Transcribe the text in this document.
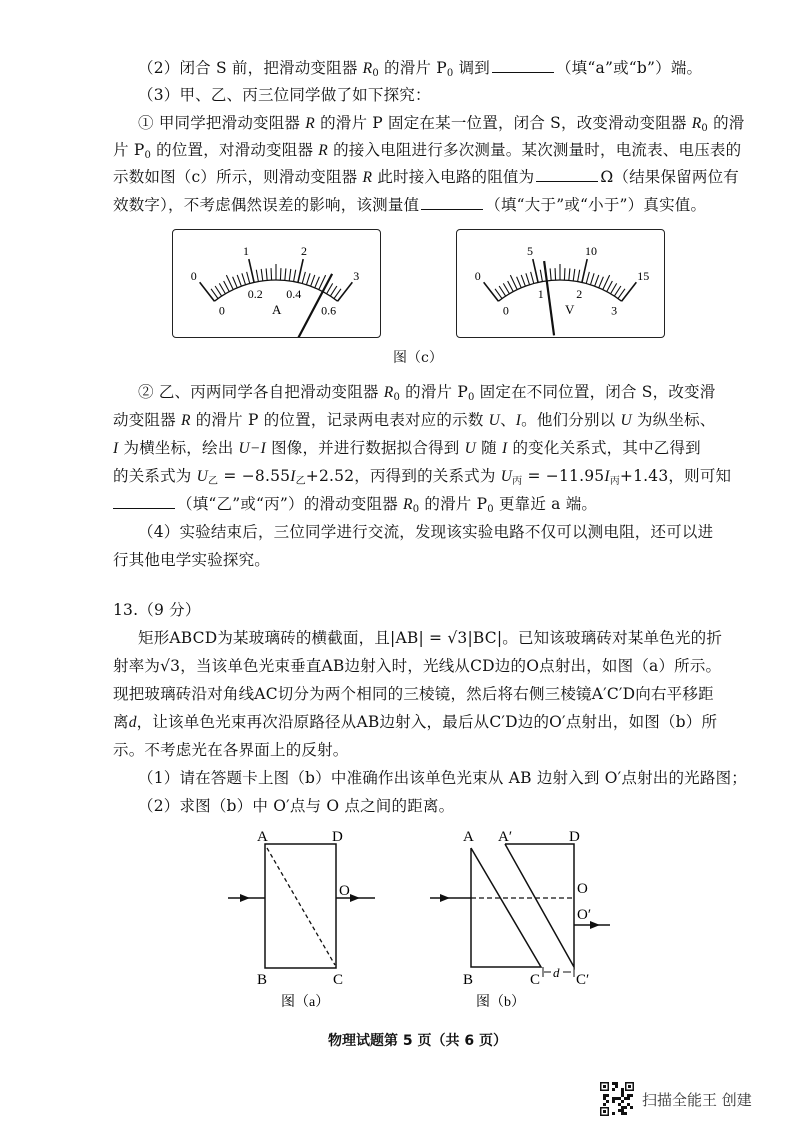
（2）闭合 S 前，把滑动变阻器 $R_0$ 的滑片 $P_0$ 调到	（填“a”或“b”）端。
（3）甲、乙、丙三位同学做了如下探究：
① 甲同学把滑动变阻器 R 的滑片 P 固定在某一位置，闭合 S，改变滑动变阻器 $R_0$ 的滑
片 $P_0$ 的位置，对滑动变阻器 R 的接入电阻进行多次测量。某次测量时，电流表、电压表的
示数如图（c）所示，则滑动变阻器 R 此时接入电路的阻值为	Ω（结果保留两位有
效数字），不考虑偶然误差的影响，该测量值	（填“大于”或“小于”）真实值。
A
0
1	2
3
0
0.2 0.4
0.6	V
0
5	10
15
0
1	2
3
图（c）
② 乙、丙两同学各自把滑动变阻器 $R_0$ 的滑片 $P_0$ 固定在不同位置，闭合 S，改变滑
动变阻器 R 的滑片 P 的位置，记录两电表对应的示数 U、I。他们分别以 U 为纵坐标、
I 为横坐标，绘出 U−I 图像，并进行数据拟合得到 U 随 I 的变化关系式，其中乙得到
的关系式为 $U_乙 = -8.55I_乙+2.52$，丙得到的关系式为 $U_丙 = -11.95I_丙+1.43$，则可知
（填“乙”或“丙”）的滑动变阻器 $R_0$ 的滑片 $P_0$ 更靠近 a 端。
（4）实验结束后，三位同学进行交流，发现该实验电路不仅可以测电阻，还可以进
行其他电学实验探究。
13.（9 分）
矩形ABCD为某玻璃砖的横截面，且|AB| = √3|BC|。已知该玻璃砖对某单色光的折
射率为√3，当该单色光束垂直AB边射入时，光线从CD边的O点射出，如图（a）所示。
现把玻璃砖沿对角线AC切分为两个相同的三棱镜，然后将右侧三棱镜A′C′D向右平移距
离d，让该单色光束再次沿原路径从AB边射入，最后从C′D边的O′点射出，如图（b）所
示。不考虑光在各界面上的反射。
（1）请在答题卡上图（b）中准确作出该单色光束从 AB 边射入到 O′点射出的光路图；
（2）求图（b）中 O′点与 O 点之间的距离。
A	D
O
B	C
图（a）
A A′	D
O
O′
B	C C′
d
图（b）
物理试题第 5 页（共 6 页）
扫描全能王 创建
